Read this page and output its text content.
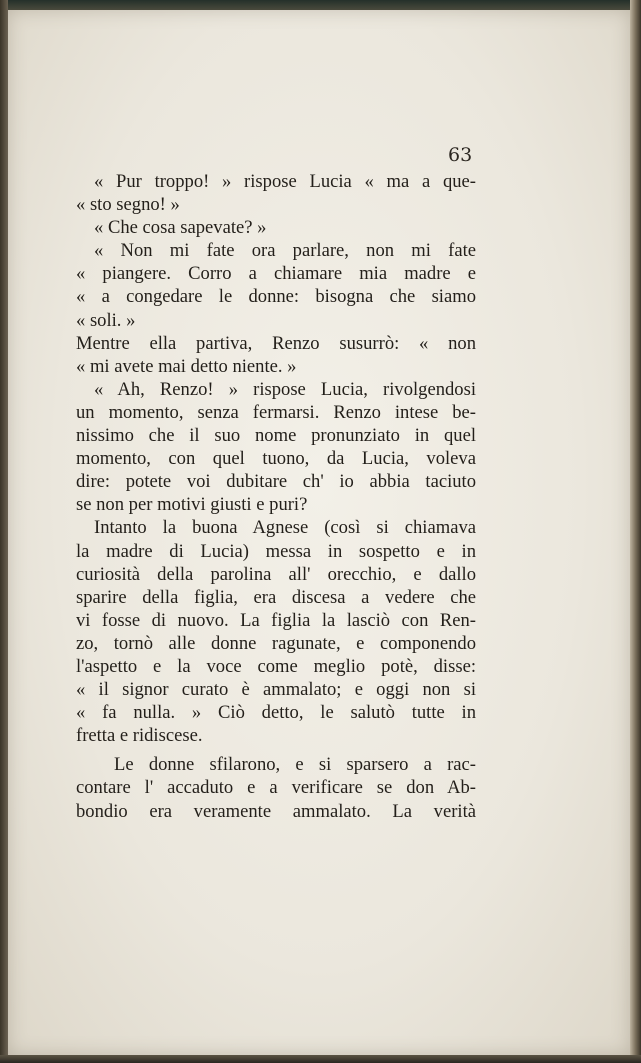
63
« Pur troppo! » rispose Lucia « ma a que-
« sto segno! »
« Che cosa sapevate? »
« Non mi fate ora parlare, non mi fate
« piangere. Corro a chiamare mia madre e
« a congedare le donne: bisogna che siamo
« soli. »
Mentre ella partiva, Renzo susurrò: « non
« mi avete mai detto niente. »
« Ah, Renzo! » rispose Lucia, rivolgendosi
un momento, senza fermarsi. Renzo intese be-
nissimo che il suo nome pronunziato in quel
momento, con quel tuono, da Lucia, voleva
dire: potete voi dubitare ch' io abbia taciuto
se non per motivi giusti e puri?
Intanto la buona Agnese (così si chiamava
la madre di Lucia) messa in sospetto e in
curiosità della parolina all' orecchio, e dallo
sparire della figlia, era discesa a vedere che
vi fosse di nuovo. La figlia la lasciò con Ren-
zo, tornò alle donne ragunate, e componendo
l'aspetto e la voce come meglio potè, disse:
« il signor curato è ammalato; e oggi non si
« fa nulla. » Ciò detto, le salutò tutte in
fretta e ridiscese.
Le donne sfilarono, e si sparsero a rac-
contare l' accaduto e a verificare se don Ab-
bondio era veramente ammalato. La verità
